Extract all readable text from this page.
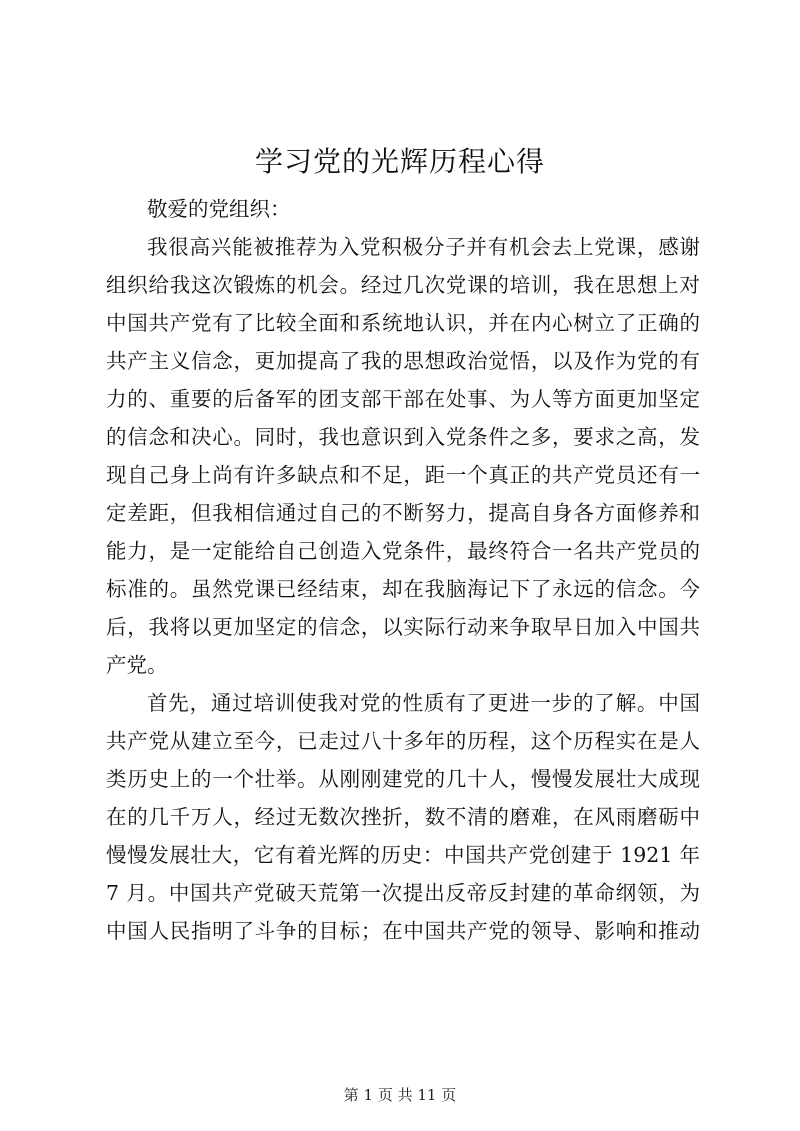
学习党的光辉历程心得
敬爱的党组织：
我很高兴能被推荐为入党积极分子并有机会去上党课，感谢
组织给我这次锻炼的机会。经过几次党课的培训，我在思想上对
中国共产党有了比较全面和系统地认识，并在内心树立了正确的
共产主义信念，更加提高了我的思想政治觉悟，以及作为党的有
力的、重要的后备军的团支部干部在处事、为人等方面更加坚定
的信念和决心。同时，我也意识到入党条件之多，要求之高，发
现自己身上尚有许多缺点和不足，距一个真正的共产党员还有一
定差距，但我相信通过自己的不断努力，提高自身各方面修养和
能力，是一定能给自己创造入党条件，最终符合一名共产党员的
标准的。虽然党课已经结束，却在我脑海记下了永远的信念。今
后，我将以更加坚定的信念，以实际行动来争取早日加入中国共
产党。
首先，通过培训使我对党的性质有了更进一步的了解。中国
共产党从建立至今，已走过八十多年的历程，这个历程实在是人
类历史上的一个壮举。从刚刚建党的几十人，慢慢发展壮大成现
在的几千万人，经过无数次挫折，数不清的磨难，在风雨磨砺中
慢慢发展壮大，它有着光辉的历史：中国共产党创建于 1921 年
7 月。中国共产党破天荒第一次提出反帝反封建的革命纲领，为
中国人民指明了斗争的目标；在中国共产党的领导、影响和推动
第 1 页 共 11 页
